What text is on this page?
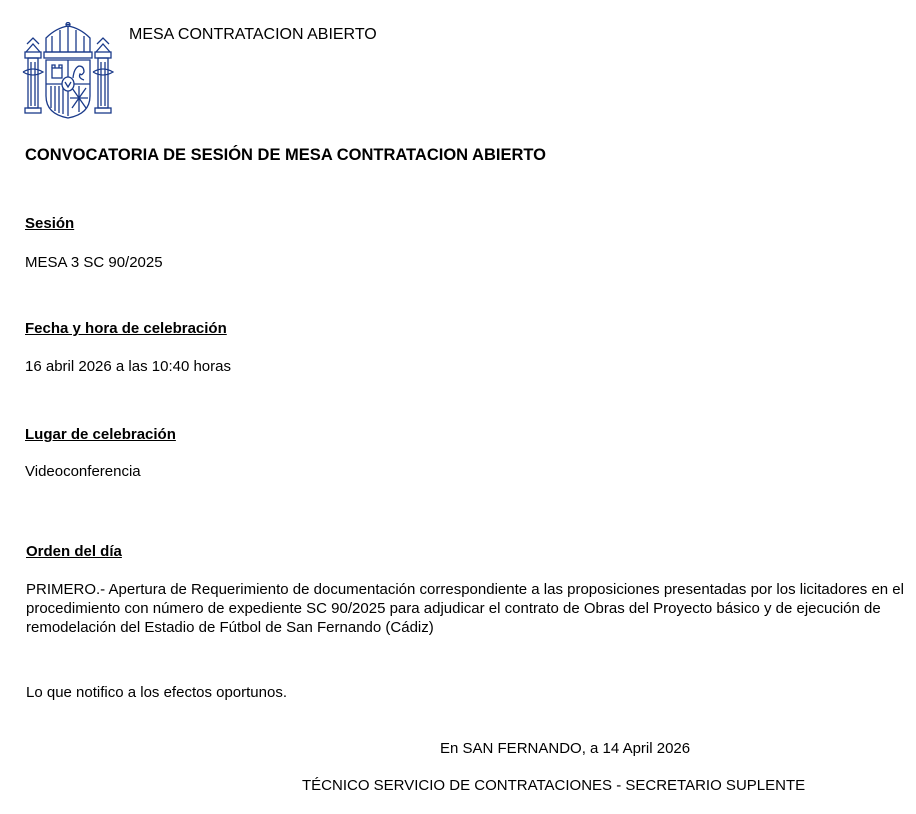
MESA CONTRATACION ABIERTO

CONVOCATORIA DE SESIÓN DE MESA CONTRATACION ABIERTO

Sesión

MESA 3 SC 90/2025

Fecha y hora de celebración

16 abril 2026 a las 10:40 horas

Lugar de celebración

Videoconferencia

Orden del día

PRIMERO.- Apertura de Requerimiento de documentación correspondiente a las proposiciones presentadas por los licitadores en el procedimiento con número de expediente SC 90/2025 para adjudicar el contrato de Obras del Proyecto básico y de ejecución de remodelación del Estadio de Fútbol de San Fernando (Cádiz)

Lo que notifico a los efectos oportunos.

En SAN FERNANDO, a 14 April 2026

TÉCNICO SERVICIO DE CONTRATACIONES - SECRETARIO SUPLENTE
